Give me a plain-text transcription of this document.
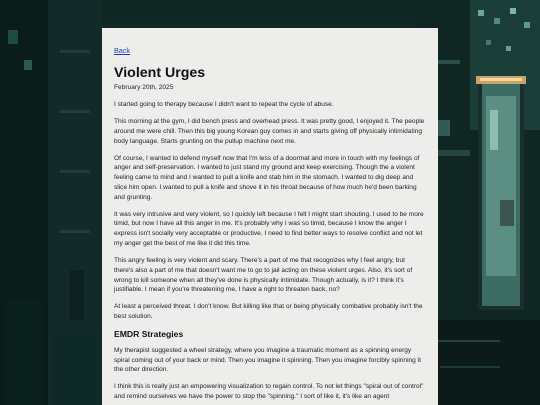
Back
Violent Urges
February 20th, 2025

I started going to therapy because I didn't want to repeat the cycle of abuse.

This morning at the gym, I did bench press and overhead press. It was pretty good, I enjoyed it. The people around me were chill. Then this big young Korean guy comes in and starts giving off physically intimidating body language. Starts grunting on the pullup machine next me.

Of course, I wanted to defend myself now that I'm less of a doormat and more in touch with my feelings of anger and self-preservation. I wanted to just stand my ground and keep exercising. Though the a violent feeling came to mind and I wanted to pull a knife and stab him in the stomach. I wanted to dig deep and slice him open. I wanted to pull a knife and shove it in his throat because of how much he'd been barking and grunting.

It was very intrusive and very violent, so I quickly left because I felt I might start shouting. I used to be more timid, but now I have all this anger in me. It's probably why I was so timid, because I know the anger I express isn't socially very acceptable or productive. I need to find better ways to resolve conflict and not let my anger get the best of me like it did this time.

This angry feeling is very violent and scary. There's a part of me that recognizes why I feel angry, but there's also a part of me that doesn't want me to go to jail acting on these violent urges. Also, it's sort of wrong to kill someone when all they've done is physically intimidate. Though actually, is it? I think it's justifiable. I mean if you're threatening me, I have a right to threaten back, no?

At least a perceived threat. I don't know. But killing like that or being physically combative probably isn't the best solution.

EMDR Strategies

My therapist suggested a wheel strategy, where you imagine a traumatic moment as a spinning energy spiral coming out of your back or mind. Then you imagine it spinning. Then you imagine forcibly spinning it the other direction.

I think this is really just an empowering visualization to regain control. To not let things "spiral out of control" and remind ourselves we have the power to stop the "spinning." I sort of like it, it's like an agent
